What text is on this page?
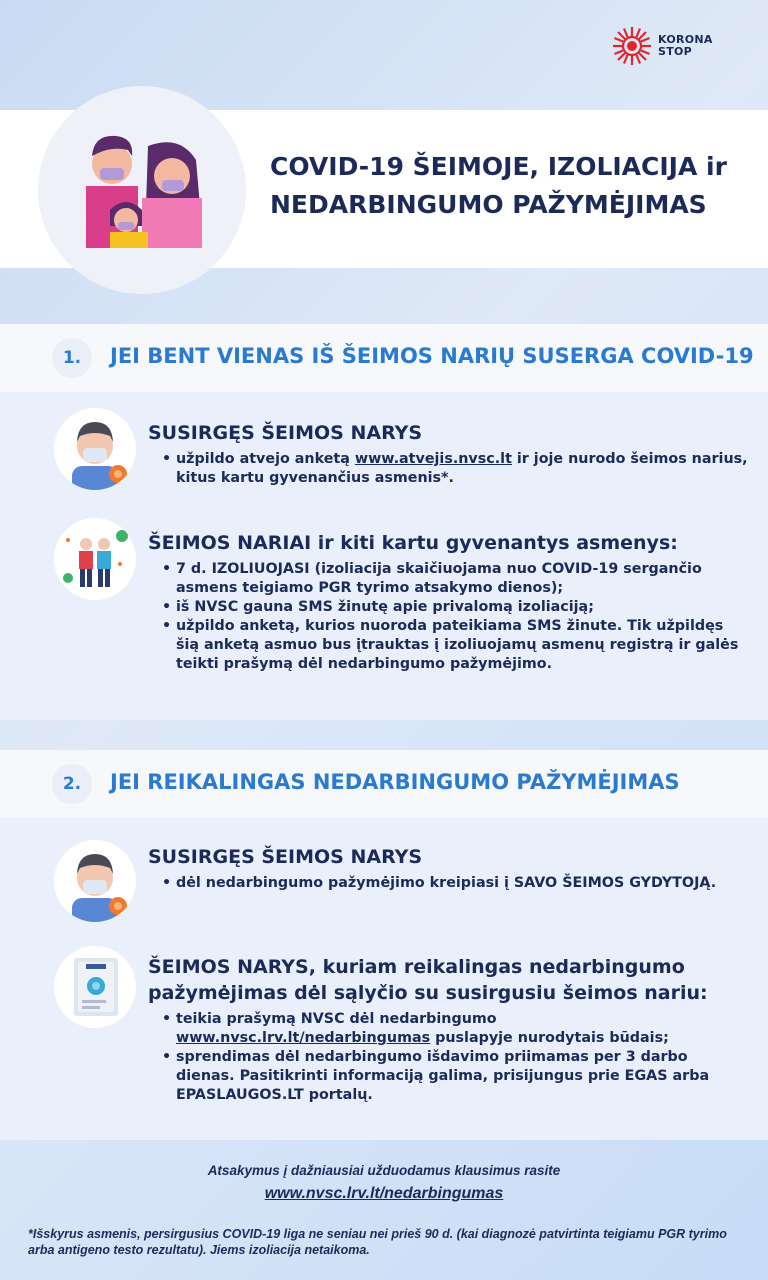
KORONA
STOP
COVID-19 ŠEIMOJE, IZOLIACIJA ir
NEDARBINGUMO PAŽYMĖJIMAS
1.	JEI BENT VIENAS IŠ ŠEIMOS NARIŲ SUSERGA COVID-19
SUSIRGĘS ŠEIMOS NARYS
• užpildo atvejo anketą www.atvejis.nvsc.lt ir joje nurodo šeimos narius, kitus kartu gyvenančius asmenis*.
ŠEIMOS NARIAI ir kiti kartu gyvenantys asmenys:
• 7 d. IZOLIUOJASI (izoliacija skaičiuojama nuo COVID-19 sergančio asmens teigiamo PGR tyrimo atsakymo dienos);
• iš NVSC gauna SMS žinutę apie privalomą izoliaciją;
• užpildo anketą, kurios nuoroda pateikiama SMS žinute. Tik užpildęs šią anketą asmuo bus įtrauktas į izoliuojamų asmenų registrą ir galės teikti prašymą dėl nedarbingumo pažymėjimo.
2.	JEI REIKALINGAS NEDARBINGUMO PAŽYMĖJIMAS
SUSIRGĘS ŠEIMOS NARYS
• dėl nedarbingumo pažymėjimo kreipiasi į SAVO ŠEIMOS GYDYTOJĄ.
ŠEIMOS NARYS, kuriam reikalingas nedarbingumo pažymėjimas dėl sąlyčio su susirgusiu šeimos nariu:
• teikia prašymą NVSC dėl nedarbingumo www.nvsc.lrv.lt/nedarbingumas puslapyje nurodytais būdais;
• sprendimas dėl nedarbingumo išdavimo priimamas per 3 darbo dienas. Pasitikrinti informaciją galima, prisijungus prie EGAS arba EPASLAUGOS.LT portalų.
Atsakymus į dažniausiai užduodamus klausimus rasite
www.nvsc.lrv.lt/nedarbingumas
*Išskyrus asmenis, persirgusius COVID-19 liga ne seniau nei prieš 90 d. (kai diagnozė patvirtinta teigiamu PGR tyrimo arba antigeno testo rezultatu). Jiems izoliacija netaikoma.
